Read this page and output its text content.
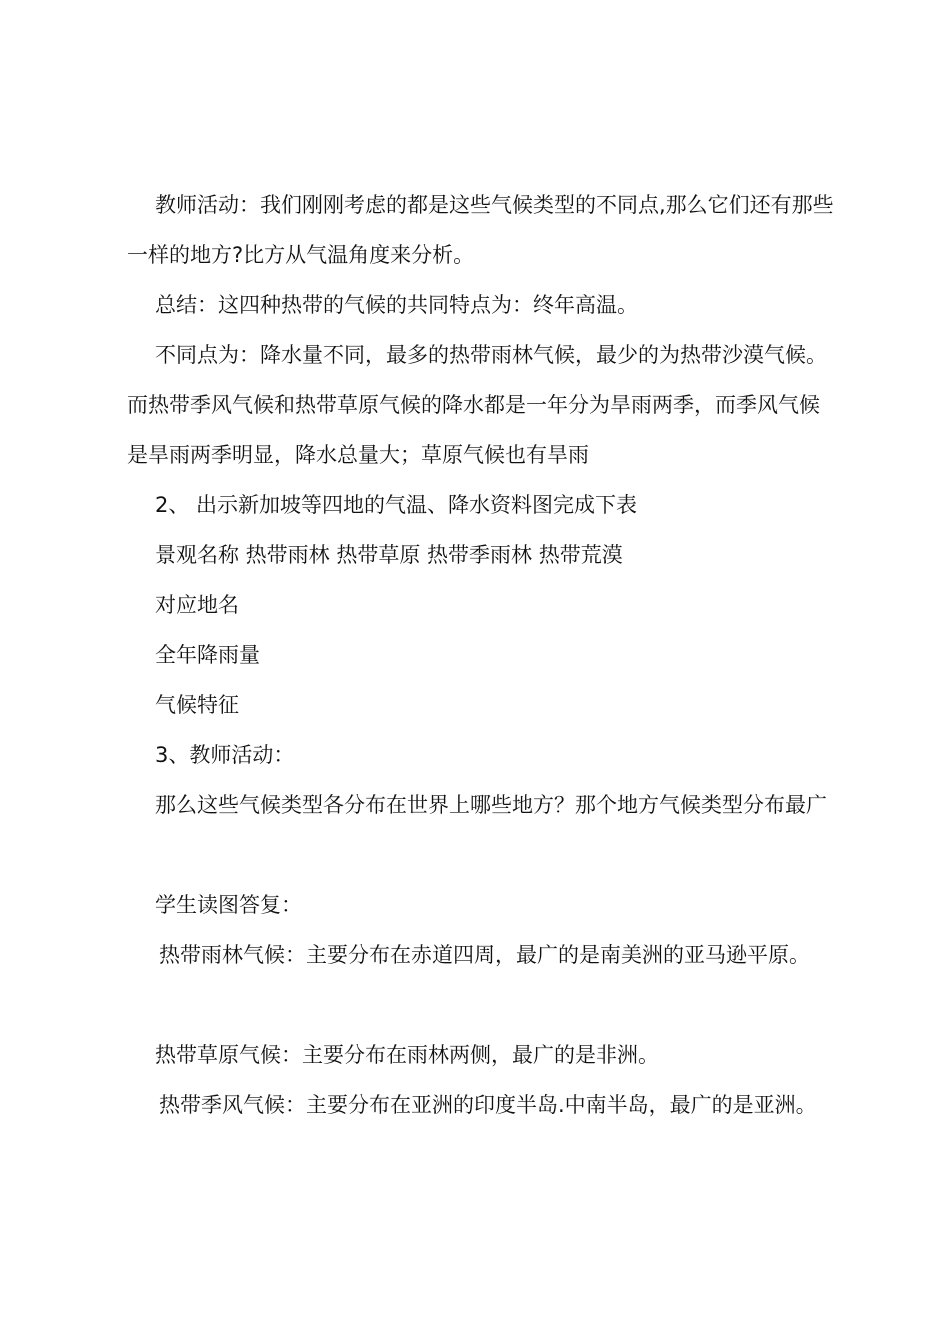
教师活动：我们刚刚考虑的都是这些气候类型的不同点,那么它们还有那些一样的地方?比方从气温角度来分析。

总结：这四种热带的气候的共同特点为：终年高温。

不同点为：降水量不同，最多的热带雨林气候，最少的为热带沙漠气候。而热带季风气候和热带草原气候的降水都是一年分为旱雨两季，而季风气候是旱雨两季明显，降水总量大；草原气候也有旱雨

2、 出示新加坡等四地的气温、降水资料图完成下表

景观名称 热带雨林 热带草原 热带季雨林 热带荒漠

对应地名

全年降雨量

气候特征

3、教师活动：

那么这些气候类型各分布在世界上哪些地方？那个地方气候类型分布最广

学生读图答复：

热带雨林气候：主要分布在赤道四周，最广的是南美洲的亚马逊平原。

热带草原气候：主要分布在雨林两侧，最广的是非洲。

热带季风气候：主要分布在亚洲的印度半岛.中南半岛，最广的是亚洲。
